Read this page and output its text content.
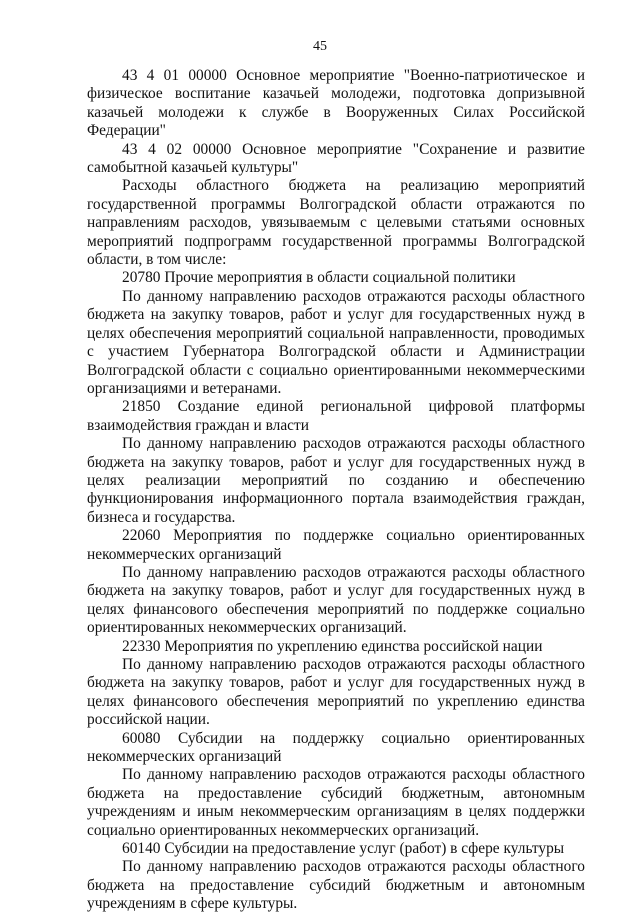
45

43 4 01 00000 Основное мероприятие "Военно-патриотическое и физическое воспитание казачьей молодежи, подготовка допризывной казачьей молодежи к службе в Вооруженных Силах Российской Федерации"

43 4 02 00000 Основное мероприятие "Сохранение и развитие самобытной казачьей культуры"

Расходы областного бюджета на реализацию мероприятий государственной программы Волгоградской области отражаются по направлениям расходов, увязываемым с целевыми статьями основных мероприятий подпрограмм государственной программы Волгоградской области, в том числе:

20780 Прочие мероприятия в области социальной политики

По данному направлению расходов отражаются расходы областного бюджета на закупку товаров, работ и услуг для государственных нужд в целях обеспечения мероприятий социальной направленности, проводимых с участием Губернатора Волгоградской области и Администрации Волгоградской области с социально ориентированными некоммерческими организациями и ветеранами.

21850 Создание единой региональной цифровой платформы взаимодействия граждан и власти

По данному направлению расходов отражаются расходы областного бюджета на закупку товаров, работ и услуг для государственных нужд в целях реализации мероприятий по созданию и обеспечению функционирования информационного портала взаимодействия граждан, бизнеса и государства.

22060 Мероприятия по поддержке социально ориентированных некоммерческих организаций

По данному направлению расходов отражаются расходы областного бюджета на закупку товаров, работ и услуг для государственных нужд в целях финансового обеспечения мероприятий по поддержке социально ориентированных некоммерческих организаций.

22330 Мероприятия по укреплению единства российской нации

По данному направлению расходов отражаются расходы областного бюджета на закупку товаров, работ и услуг для государственных нужд в целях финансового обеспечения мероприятий по укреплению единства российской нации.

60080 Субсидии на поддержку социально ориентированных некоммерческих организаций

По данному направлению расходов отражаются расходы областного бюджета на предоставление субсидий бюджетным, автономным учреждениям и иным некоммерческим организациям в целях поддержки социально ориентированных некоммерческих организаций.

60140 Субсидии на предоставление услуг (работ) в сфере культуры

По данному направлению расходов отражаются расходы областного бюджета на предоставление субсидий бюджетным и автономным учреждениям в сфере культуры.
